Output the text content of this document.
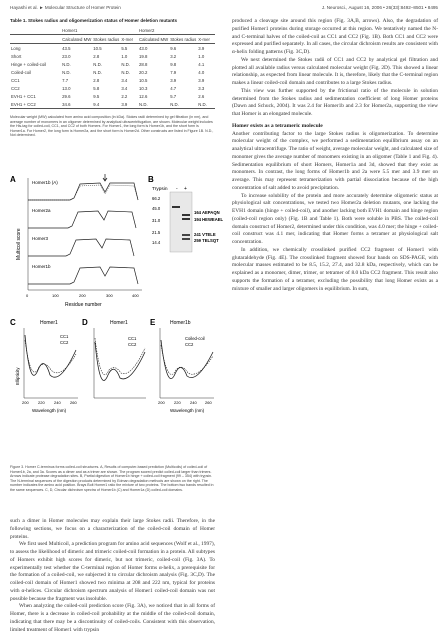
Hayashi et al. ► Molecular Structure of Homer Protein	J. Neurosci., August 16, 2006 • 26(33):8492–8501 • 8495
Table 1. Stokes radius and oligomerization status of Homer deletion mutants
	Homer1			Homer2		
	Calculated MW	Stokes radius	X-mer	Calculated MW	Stokes radius	X-mer
Long	43.5	10.5	5.5	43.0	9.6	3.9
Short	23.0	2.8	1.0	19.8	3.2	1.0
Hinge + coiled-coil	N.D.	N.D.	N.D.	28.8	9.8	4.1
Coiled-coil	N.D.	N.D.	N.D.	20.2	7.9	4.0
CC1	7.7	2.8	3.4	10.5	3.9	3.9
CC2	13.0	5.8	3.4	10.3	4.7	3.3
EVH1 + CC1	29.6	9.5	2.2	12.6	5.7	2.6
EVH1 + CC2	34.6	9.4	3.9	N.D.	N.D.	N.D.
Molecular weight (MW) calculated from amino acid composition (in kDa). Stokes radii determined by gel filtration (in nm), and average number of monomers in an oligomer determined by analytical ultracentrifugation, are shown. Molecular weight includes the His-tag for coiled-coil, CC1, and CC2 of both Homers. For Homer1, the long form is Homer1b, and the short form is Homer1a. For Homer2, the long form is Homer2a, and the short form is Homer2d. Other constructs are listed in Figure 1B. N.D., Not determined.
A
Multicoil score
Residue number
0	100	200	300	400
Homer1b (A)
Homer2a
Homer3
Homer1b
B
Trypsin - +
66.2
45.0
31.0
21.5
14.4
164 AEPAQN
194 HEWEAEL
241 VTELE
259 TELSQT
C	Homer1
Ellipticity
CC1
CC2
200 220 240 260
Wavelength (nm)
D	Homer1
CC1
CC2
E	Homer1b
Coiled-coil
CC2
200 220 240 260
Wavelength (nm)
Figure 3. Homer C-terminus forms coiled-coil structures. A, Results of computer-based prediction (Multicoils) of coiled-coil of Homer1b, 2a, and 3a. Scores as a dimer and as a trimer are shown. The program scored predict coiled-coil larger than trimers. Arrows indicate protease degradation sites. B, Partial digestion of Homer1b hinge + coiled-coil fragment (99 – 354) with trypsin. The N-terminal sequences of the digestion products determined by Edman degradation methods are shown on the right. The number indicates the amino acid position. Brays Bolt Homer1 ratio the mixture of two proteins. The bottom two bands resulted in the same sequences. C, D, Circular dichroism spectra of Homer1b (C) and Homer1a (D) coiled-coil domains.

such a dimer in Homer molecules may explain their large Stokes radii. Therefore, in the following sections, we focus on a characterization of the coiled-coil domain of Homer proteins.

We first used Multicoil, a prediction program for amino acid sequences (Wolf et al., 1997), to assess the likelihood of dimeric and trimeric coiled-coil formation in a protein. All subtypes of Homers exhibit high scores for dimeric, but not trimeric, coiled-coil (Fig. 3A). To experimentally test whether the C-terminal region of Homer forms α-helix, a prerequisite for the formation of a coiled-coil, we subjected it to circular dichroism analysis (Fig. 3C,D). The coiled-coil domain of Homer1 showed two minima at 208 and 222 nm, typical for proteins with α-helices. Circular dichroism spectrum analysis of Homer1 coiled-coil domain was not possible because the fragment was insoluble.

When analyzing the coiled-coil prediction score (Fig. 3A), we noticed that in all forms of Homer, there is a decrease in coiled-coil probability at the middle of the coiled-coil domain, indicating that there may be a discontinuity of coiled-coils. Consistent with this observation, limited treatment of Homer1 with trypsin

produced a cleavage site around this region (Fig. 3A,B, arrows). Also, the degradation of purified Homer1 proteins during storage occurred at this region. We tentatively named the N- and C-terminal halves of the coiled-coil as CC1 and CC2 (Fig. 1B). Both CC1 and CC2 were expressed and purified separately. In all cases, the circular dichroism results are consistent with α-helix folding patterns (Fig. 3C,D).

We next determined the Stokes radii of CC1 and CC2 by analytical gel filtration and plotted all available radius versus calculated molecular weight (Fig. 2D). This showed a linear relationship, as expected from linear molecule. It is, therefore, likely that the C-terminal region makes a linear coiled-coil domain and contributes to a large Stokes radius.

This view was further supported by the frictional ratio of the molecule in solution determined from the Stokes radius and sedimentation coefficient of long Homer proteins (Dawn and Schuck, 2004). It was 2.4 for Homer1b and 2.3 for Homer2a, supporting the view that Homer is an elongated molecule.

Homer exists as a tetrameric molecule

Another contributing factor to the large Stokes radius is oligomerization. To determine molecular weight of the complex, we performed a sedimentation equilibrium assay on an analytical ultracentrifuge. The ratio of weight, average molecular weight, and calculated size of monomer gives the average number of monomers existing in an oligomer (Table 1 and Fig. 4). Sedimentation equilibrium of short Homers, Homer1a and 3d, showed that they exist as monomers. In contrast, the long forms of Homer1b and 2a were 5.5 mer and 3.9 mer on average. This may represent tetramerization with partial dissociation because of the high concentration of salt added to avoid precipitation.

To increase solubility of the protein and more accurately determine oligomeric status at physiological salt concentrations, we tested two Homer2a deletion mutants, one lacking the EVH1 domain (hinge + coiled-coil), and another lacking both EVH1 domain and hinge region (coiled-coil region only) (Fig. 1B and Table 1). Both were soluble in PBS. The coiled-coil domain construct of Homer2, determined under this condition, was 4.0 mer; the hinge + coiled-coil construct was 4.1 mer, indicating that Homer forms a tetramer at physiological salt concentration.

In addition, we chemically crosslinked purified CC2 fragment of Homer1 with glutaraldehyde (Fig. 4E). The crosslinked fragment showed four bands on SDS-PAGE, with molecular masses estimated to be 8.5, 15.2, 27.4, and 32.8 kDa, respectively, which can be explained as a monomer, dimer, trimer, or tetramer of 8.0 kDa CC2 fragment. This result also supports the formation of a tetramer, excluding the possibility that long Homer exists as a mixture of smaller and larger oligomers in equilibrium. In sum,
